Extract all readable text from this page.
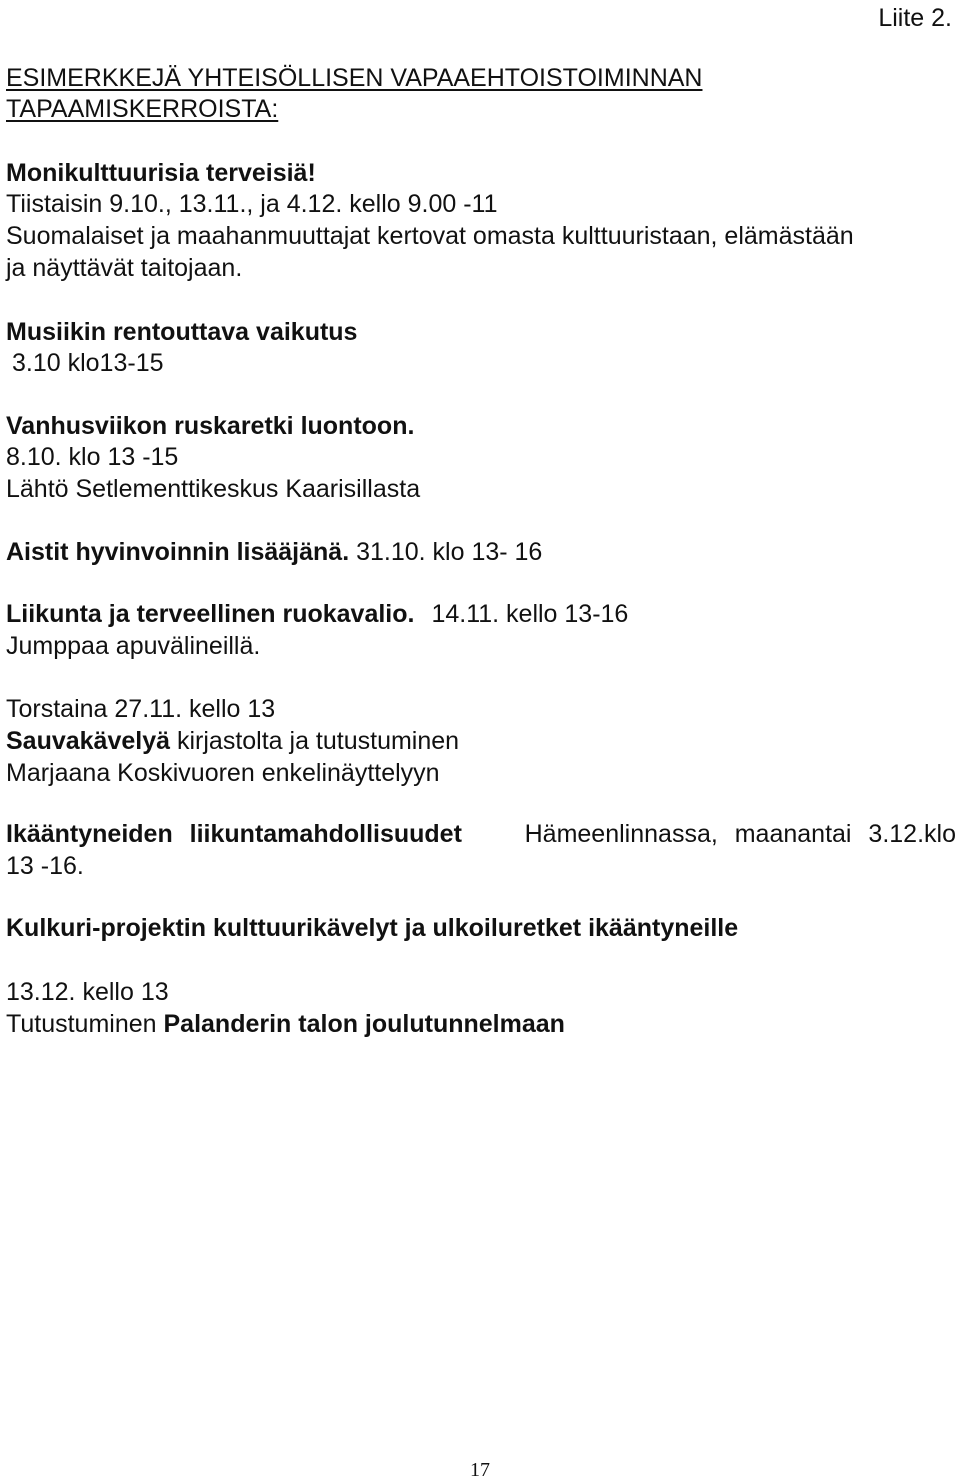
Liite 2.
ESIMERKKEJÄ YHTEISÖLLISEN VAPAAEHTOISTOIMINNAN
TAPAAMISKERROISTA:
Monikulttuurisia terveisiä!
Tiistaisin 9.10., 13.11., ja 4.12. kello 9.00 -11
Suomalaiset ja maahanmuuttajat kertovat omasta kulttuuristaan, elämästään
ja näyttävät taitojaan.
Musiikin rentouttava vaikutus
3.10 klo13-15
Vanhusviikon ruskaretki luontoon.
8.10. klo 13 -15
Lähtö Setlementtikeskus Kaarisillasta
Aistit hyvinvoinnin lisääjänä. 31.10. klo 13- 16
Liikunta ja terveellinen ruokavalio. 14.11. kello 13-16
Jumppaa apuvälineillä.
Torstaina 27.11. kello 13
Sauvakävelyä kirjastolta ja tutustuminen
Marjaana Koskivuoren enkelinäyttelyyn
Ikääntyneiden liikuntamahdollisuudet	Hämeenlinnassa, maanantai 3.12.klo
13 -16.
Kulkuri-projektin kulttuurikävelyt ja ulkoiluretket ikääntyneille
13.12. kello 13
Tutustuminen Palanderin talon joulutunnelmaan
17
